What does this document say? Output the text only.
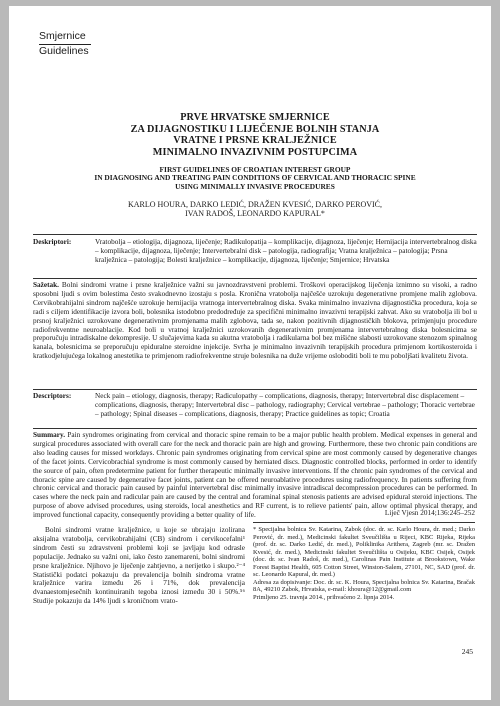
Smjernice
Guidelines
PRVE HRVATSKE SMJERNICE
ZA DIJAGNOSTIKU I LIJEČENJE BOLNIH STANJA
VRATNE I PRSNE KRALJEŽNICE
MINIMALNO INVAZIVNIM POSTUPCIMA
FIRST GUIDELINES OF CROATIAN INTEREST GROUP
IN DIAGNOSING AND TREATING PAIN CONDITIONS OF CERVICAL AND THORACIC SPINE
USING MINIMALLY INVASIVE PROCEDURES
KARLO HOURA, DARKO LEDIĆ, DRAŽEN KVESIĆ, DARKO PEROVIĆ,
IVAN RADOŠ, LEONARDO KAPURAL*
Deskriptori:	Vratobolja – etiologija, dijagnoza, liječenje; Radikulopatija – komplikacije, dijagnoza, liječenje; Hernijacija intervertebralnog diska – komplikacije, dijagnoza, liječenje; Intervertebralni disk – patologija, radiografija; Vratna kralježnica – patologija; Prsna kralježnica – patologija; Bolesti kralježnice – komplikacije, dijagnoza, liječenje; Smjernice; Hrvatska
Sažetak. Bolni sindromi vratne i prsne kralježnice važni su javnozdravstveni problemi. Troškovi operacijskog liječenja iznimno su visoki, a radno sposobni ljudi s ovim bolestima često svakodnevno izostaju s posla. Kronična vratobolja najčešće uzrokuju degenerativne promjene malih zglobova. Cervikobrahijalni sindrom najčešće uzrokuje hernijacija vratnoga intervertebralnog diska. Svaka minimalno invazivna dijagnostička procedura, koja se radi s ciljem identifikacije izvora boli, bolesnika istodobno predodređuje za specifični minimalno invazivni terapijski zahvat. Ako su vratobolja ili bol u prsnoj kralježnici uzrokovane degenerativnim promjenama malih zglobova, tada se, nakon pozitivnih dijagnostičkih blokova, primjenjuju procedure radiofrekventne neuroablacije. Kod boli u vratnoj kralježnici uzrokovanih degenerativnim promjenama intervertebralnog diska bolesnicima se preporučuju intradiskalne dekompresije. U slučajevima kada su akutna vratobolja i radikularna bol bez mišićne slabosti uzrokovane stenozom spinalnog kanala, bolesnicima se preporučuju epiduralne steroidne injekcije. Svrha je minimalno invazivnih terapijskih procedura primjenom kortikosteroida i kratkodjelujućega lokalnog anestetika te primjenom radiofrekventne struje bolesnika na duže vrijeme osloboditi boli te mu poboljšati kvalitetu života.
Descriptors:	Neck pain – etiology, diagnosis, therapy; Radiculopathy – complications, diagnosis, therapy; Intervertebral disc displacement – complications, diagnosis, therapy; Intervertebral disc – pathology, radiography; Cervical vertebrae – pathology; Thoracic vertebrae – pathology; Spinal diseases – complications, diagnosis, therapy; Practice guidelines as topic; Croatia
Summary. Pain syndromes originating from cervical and thoracic spine remain to be a major public health problem. Medical expenses in general and surgical procedures associated with overall care for the neck and thoracic pain are high and growing. Furthermore, these two chronic pain conditions are also leading causes for missed workdays. Chronic pain syndromes originating from cervical spine are most commonly caused by degenerative changes of the facet joints. Cervicobrachial syndrome is most commonly caused by herniated discs. Diagnostic controlled blocks, performed in order to identify the source of pain, often predetermine patient for further therapeutic minimally invasive interventions. If the chronic pain syndromes of the cervical and thoracic spine are caused by degenerative facet joints, patient can be offered neuroablative procedures using radiofrequency. In patients suffering from chronic cervical and thoracic pain caused by painful intervertebral disc minimally invasive intradiscal decompression procedures can be performed. In cases where the neck pain and radicular pain are caused by the central and foraminal spinal stenosis patients are advised epidural steroid injections. The purpose of above advised procedures, using steroids, local anesthetics and RF current, is to relieve patients' pain, allow optimal physical therapy, and improved functional capacity, consequently providing a better quality of life.	Liječ Vjesn 2014;136:245–252
Bolni sindromi vratne kralježnice, u koje se ubrajaju izolirana aksijalna vratobolja, cervikobrahijalni (CB) sindrom i cervikocefalni¹ sindrom česti su zdravstveni problemi koji se javljaju kod odrasle populacije. Jednako su važni oni, iako često zanemareni, bolni sindromi prsne kralježnice. Njihovo je liječenje zahtjevno, a nerijetko i skupo.²⁻⁴ Statistički podatci pokazuju da prevalencija bolnih sindroma vratne kralježnice varira između 26 i 71%, dok prevalencija dvanaestomjesečnih kontinuiranih tegoba iznosi između 30 i 50%.⁵⁶ Studije pokazuju da 14% ljudi s kroničnom vrato-
* Specijalna bolnica Sv. Katarina, Zabok (doc. dr. sc. Karlo Houra, dr. med.; Darko Perović, dr. med.), Medicinski fakultet Sveučilišta u Rijeci, KBC Rijeka, Rijeka (prof. dr. sc. Darko Ledić, dr. med.), Poliklinika Arithera, Zagreb (mr. sc. Dražen Kvesić, dr. med.), Medicinski fakultet Sveučilišta u Osijeku, KBC Osijek, Osijek (doc. dr. sc. Ivan Radoš, dr. med.), Carolinas Pain Institute at Brookstown, Wake Forest Baptist Health, 605 Cotton Street, Winston-Salem, 27101, NC, SAD (prof. dr. sc. Leonardo Kapural, dr. med.)
Adresa za dopisivanje: Doc. dr. sc. K. Houra, Specijalna bolnica Sv. Katarina, Bračak 8A, 49210 Zabok, Hrvatska, e-mail: khoura@12@gmail.com
Primljeno 25. travnja 2014., prihvaćeno 2. lipnja 2014.
245
